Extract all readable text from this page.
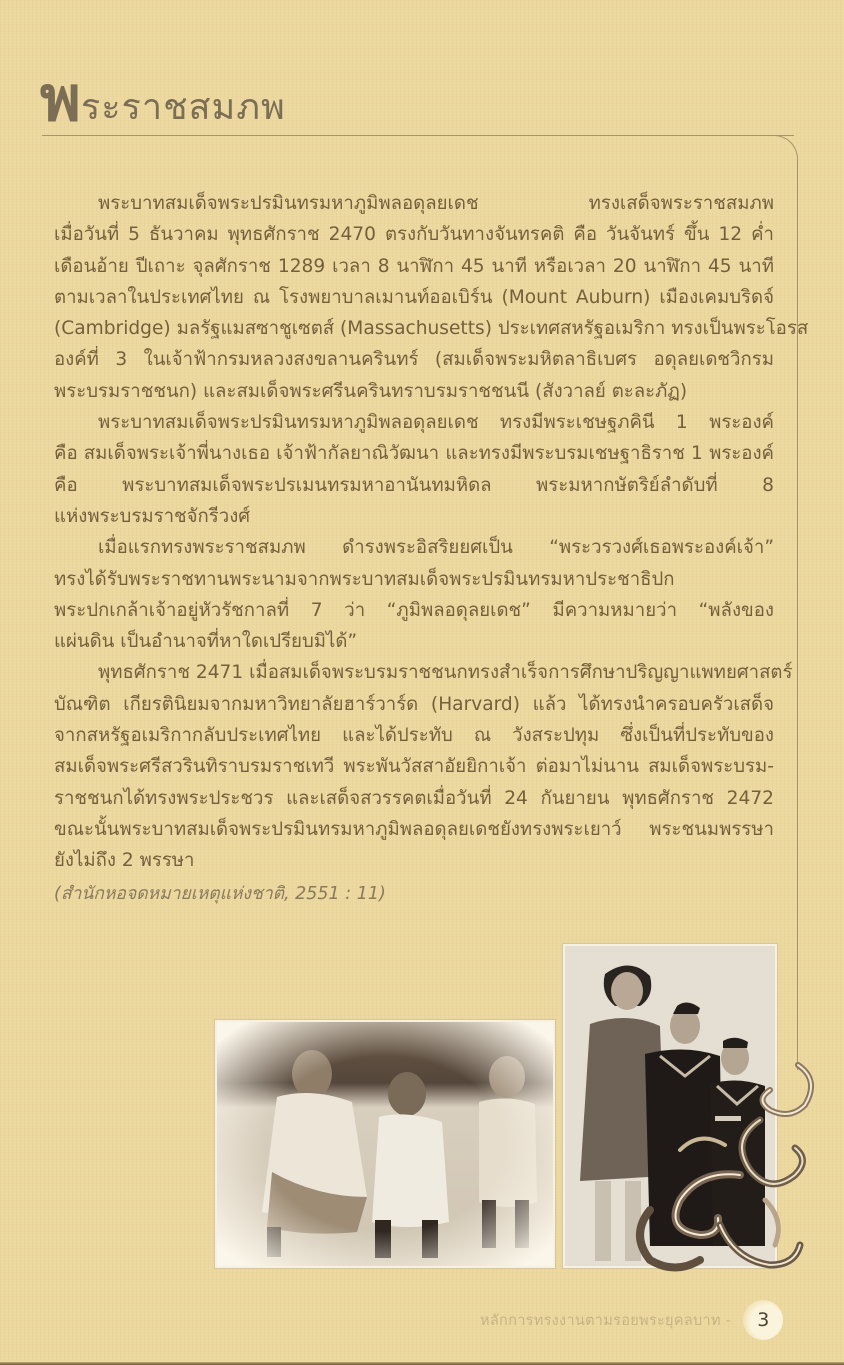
พ ระราชสมภพ

พระบาทสมเด็จพระปรมินทรมหาภูมิพลอดุลยเดช ทรงเสด็จพระราชสมภพ
เมื่อวันที่ 5 ธันวาคม พุทธศักราช 2470 ตรงกับวันทางจันทรคติ คือ วันจันทร์ ขึ้น 12 ค่ำ
เดือนอ้าย ปีเถาะ จุลศักราช 1289 เวลา 8 นาฬิกา 45 นาที หรือเวลา 20 นาฬิกา 45 นาที
ตามเวลาในประเทศไทย ณ โรงพยาบาลเมานท์ออเบิร์น (Mount Auburn) เมืองเคมบริดจ์
(Cambridge) มลรัฐแมสซาชูเซตส์ (Massachusetts) ประเทศสหรัฐอเมริกา ทรงเป็นพระโอรส
องค์ที่ 3 ในเจ้าฟ้ากรมหลวงสงขลานครินทร์ (สมเด็จพระมหิตลาธิเบศร อดุลยเดชวิกรม
พระบรมราชชนก) และสมเด็จพระศรีนครินทราบรมราชชนนี (สังวาลย์ ตะละภัฏ)

พระบาทสมเด็จพระปรมินทรมหาภูมิพลอดุลยเดช ทรงมีพระเชษฐภคินี 1 พระองค์
คือ สมเด็จพระเจ้าพี่นางเธอ เจ้าฟ้ากัลยาณิวัฒนา และทรงมีพระบรมเชษฐาธิราช 1 พระองค์
คือ พระบาทสมเด็จพระปรเมนทรมหาอานันทมหิดล พระมหากษัตริย์ลำดับที่ 8
แห่งพระบรมราชจักรีวงศ์

เมื่อแรกทรงพระราชสมภพ ดำรงพระอิสริยยศเป็น “พระวรวงศ์เธอพระองค์เจ้า”
ทรงได้รับพระราชทานพระนามจากพระบาทสมเด็จพระปรมินทรมหาประชาธิปก
พระปกเกล้าเจ้าอยู่หัวรัชกาลที่ 7 ว่า “ภูมิพลอดุลยเดช” มีความหมายว่า “พลังของ
แผ่นดิน เป็นอำนาจที่หาใดเปรียบมิได้”

พุทธศักราช 2471 เมื่อสมเด็จพระบรมราชชนกทรงสำเร็จการศึกษาปริญญาแพทยศาสตร์
บัณฑิต เกียรตินิยมจากมหาวิทยาลัยฮาร์วาร์ด (Harvard) แล้ว ได้ทรงนำครอบครัวเสด็จ
จากสหรัฐอเมริกากลับประเทศไทย และได้ประทับ ณ วังสระปทุม ซึ่งเป็นที่ประทับของ
สมเด็จพระศรีสวรินทิราบรมราชเทวี พระพันวัสสาอัยยิกาเจ้า ต่อมาไม่นาน สมเด็จพระบรม-
ราชชนกได้ทรงพระประชวร และเสด็จสวรรคตเมื่อวันที่ 24 กันยายน พุทธศักราช 2472
ขณะนั้นพระบาทสมเด็จพระปรมินทรมหาภูมิพลอดุลยเดชยังทรงพระเยาว์ พระชนมพรรษา
ยังไม่ถึง 2 พรรษา

(สำนักหอจดหมายเหตุแห่งชาติ, 2551 : 11)
หลักการทรงงานตามรอยพระยุคลบาท -	3
